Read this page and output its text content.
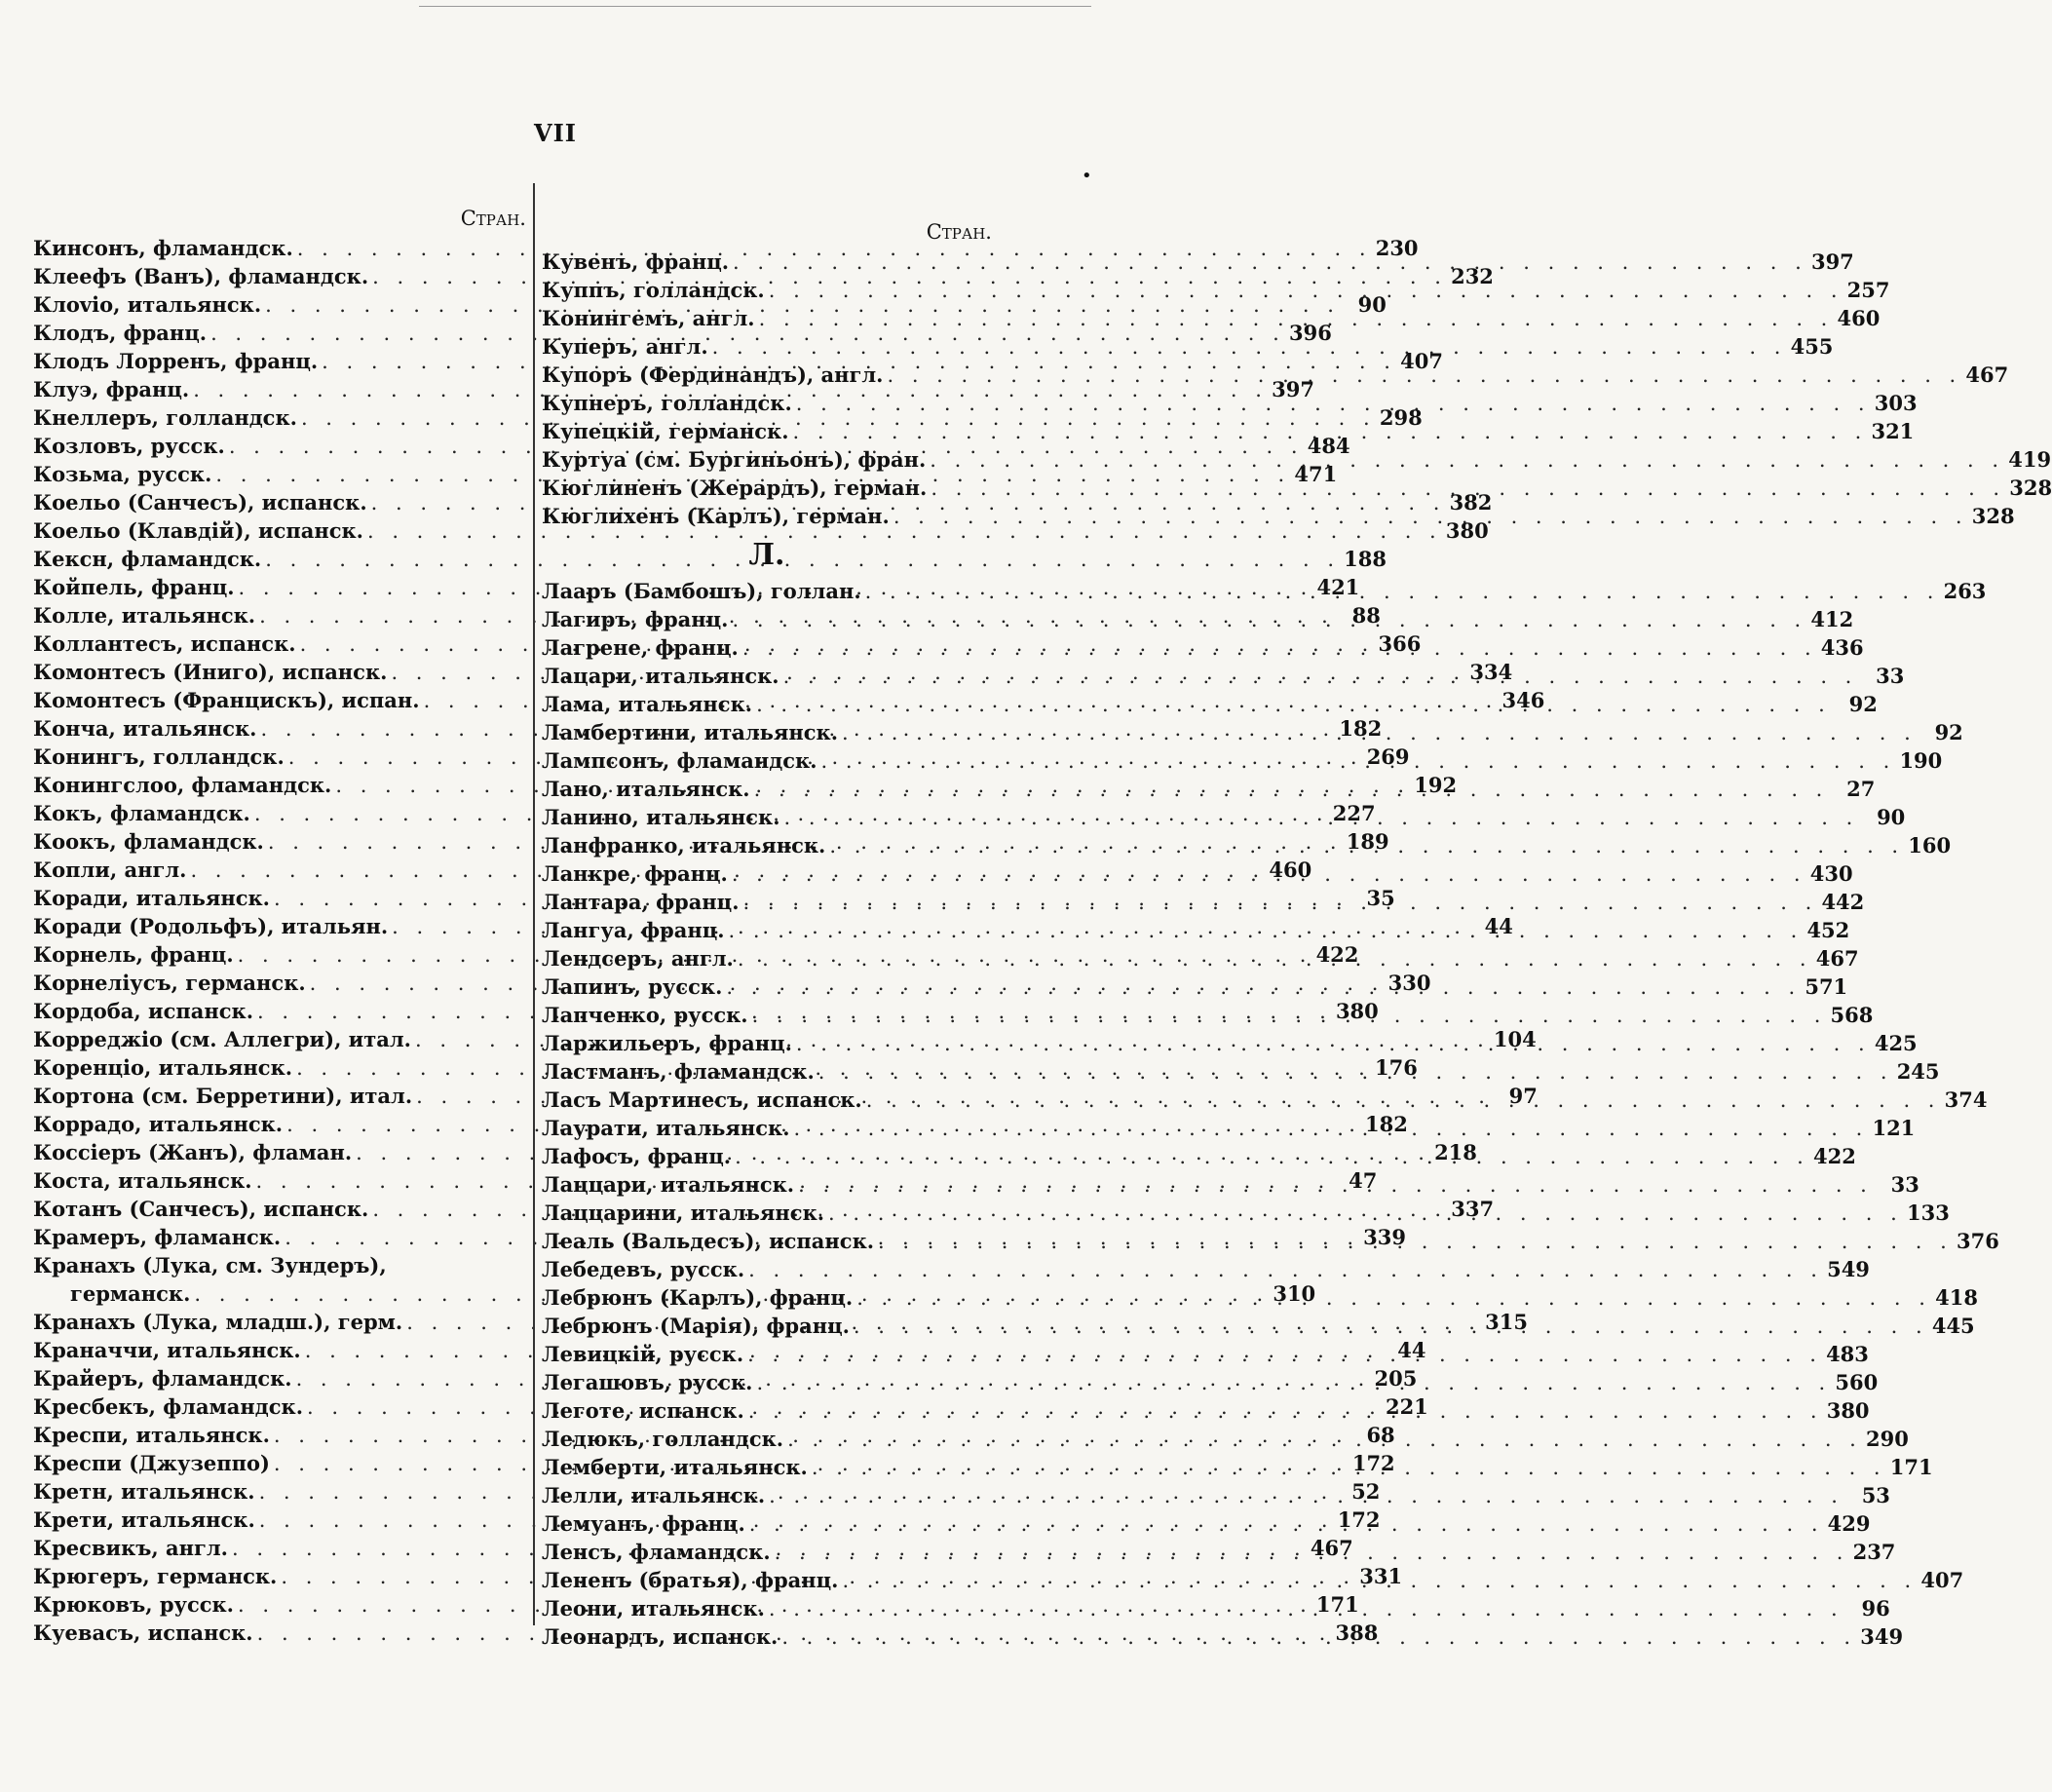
VII
•
Стран.
Кинсонъ, фламандск. . . .	230
Клеефъ (Ванъ), фламандск. . . .	232
Клovio, итальянск. . . .	90
Клодъ, франц. . . .	396
Клодъ Лорренъ, франц. . . .	407
Клуэ, франц. . . .	397
Кнеллеръ, голландск. . . .	298
Козловъ, русск. . . .	484
Козьма, русск. . . .	471
Коельо (Санчесъ), испанск. . . .	382
Коельо (Клавдій), испанск. . . .	380
Кексн, фламандск. . . .	188
Койпель, франц. . . .	421
Колле, итальянск. . . .	88
Коллантесъ, испанск. . . .	366
Комонтесъ (Иниго), испанск. . . .	334
Комонтесъ (Францискъ), испан. . . .	346
Конча, итальянск. . . .	182
Конингъ, голландск. . . .	269
Конингслоо, фламандск. . . .	192
Кокъ, фламандск. . . .	227
Коокъ, фламандск. . . .	189
Копли, англ. . . .	460
Коради, итальянск. . . .	35
Коради (Родольфъ), итальян. . . .	44
Корнель, франц. . . .	422
Корнеліусъ, германск. . . .	330
Кордоба, испанск. . . .	380
Корреджіо (см. Аллегри), итал. . . .	104
Коренціо, итальянск. . . .	176
Кортона (см. Берретини), итал. . . .	97
Коррадо, итальянск. . . .	182
Коссіеръ (Жанъ), фламан. . . .	218
Коста, итальянск. . . .	47
Котанъ (Санчесъ), испанск. . . .	337
Крамеръ, фламанск. . . .	339
Кранахъ (Лука, см. Зундеръ),
германск. . . .	310
Кранахъ (Лука, младш.), герм. . . .	315
Краначчи, итальянск. . . .	44
Крайеръ, фламандск. . . .	205
Кресбекъ, фламандск. . . .	221
Креспи, итальянск. . . .	68
Креспи (Джузеппо) . . .	172
Кретн, итальянск. . . .	52
Крети, итальянск. . . .	172
Кресвикъ, англ. . . .	467
Крюгеръ, германск. . . .	331
Крюковъ, русск. . . .	171
Куевасъ, испанск. . . .	388
Стран.
Кувенъ, франц. . . .	397
Куппъ, голландск. . . .	257
Конингемъ, англ. . . .	460
Куперъ, англ. . . .	455
Купоръ (Фердинандъ), англ. . . .	467
Купнеръ, голландск. . . .	303
Купецкій, германск. . . .	321
Куртуа (см. Бургиньонъ), фран. . . .	419
Кюглиненъ (Жерардъ), герман. . . .	328
Кюглихенъ (Карлъ), герман. . . .	328
Л.
Лааръ (Бамбошъ), голлан. . . .	263
Лагиръ, франц. . . .	412
Лагрене, франц. . . .	436
Лацари, итальянск. . . .	33
Лама, итальянск. . . .	92
Ламбертини, итальянск. . . .	92
Лампсонъ, фламандск. . . .	190
Лано, итальянск. . . .	27
Ланино, итальянск. . . .	90
Ланфранко, итальянск. . . .	160
Ланкре, франц. . . .	430
Лантара, франц. . . .	442
Лангуа, франц. . . .	452
Лендсеръ, англ. . . .	467
Лапинъ, русск. . . .	571
Лапченко, русск. . . .	568
Ларжильеръ, франц. . . .	425
Ластманъ, фламандск. . . .	245
Ласъ Мартинесъ, испанск. . . .	374
Лаурати, итальянск. . . .	121
Лафосъ, франц. . . .	422
Лаццари, итальянск. . . .	33
Лаццарини, итальянск. . . .	133
Леаль (Вальдесъ), испанск. . . .	376
Лебедевъ, русск. . . .	549
Лебрюнъ (Карлъ), франц. . . .	418
Лебрюнъ (Марія), франц. . . .	445
Левицкій, русск. . . .	483
Легашовъ, русск. . . .	560
Леготе, испанск. . . .	380
Ледюкъ, голландск. . . .	290
Лемберти, итальянск. . . .	171
Лелли, итальянск. . . .	53
Лемуанъ, франц. . . .	429
Ленсъ, фламандск. . . .	237
Лененъ (братья), франц. . . .	407
Леони, итальянск. . . .	96
Леонардъ, испанск. . . .	349
